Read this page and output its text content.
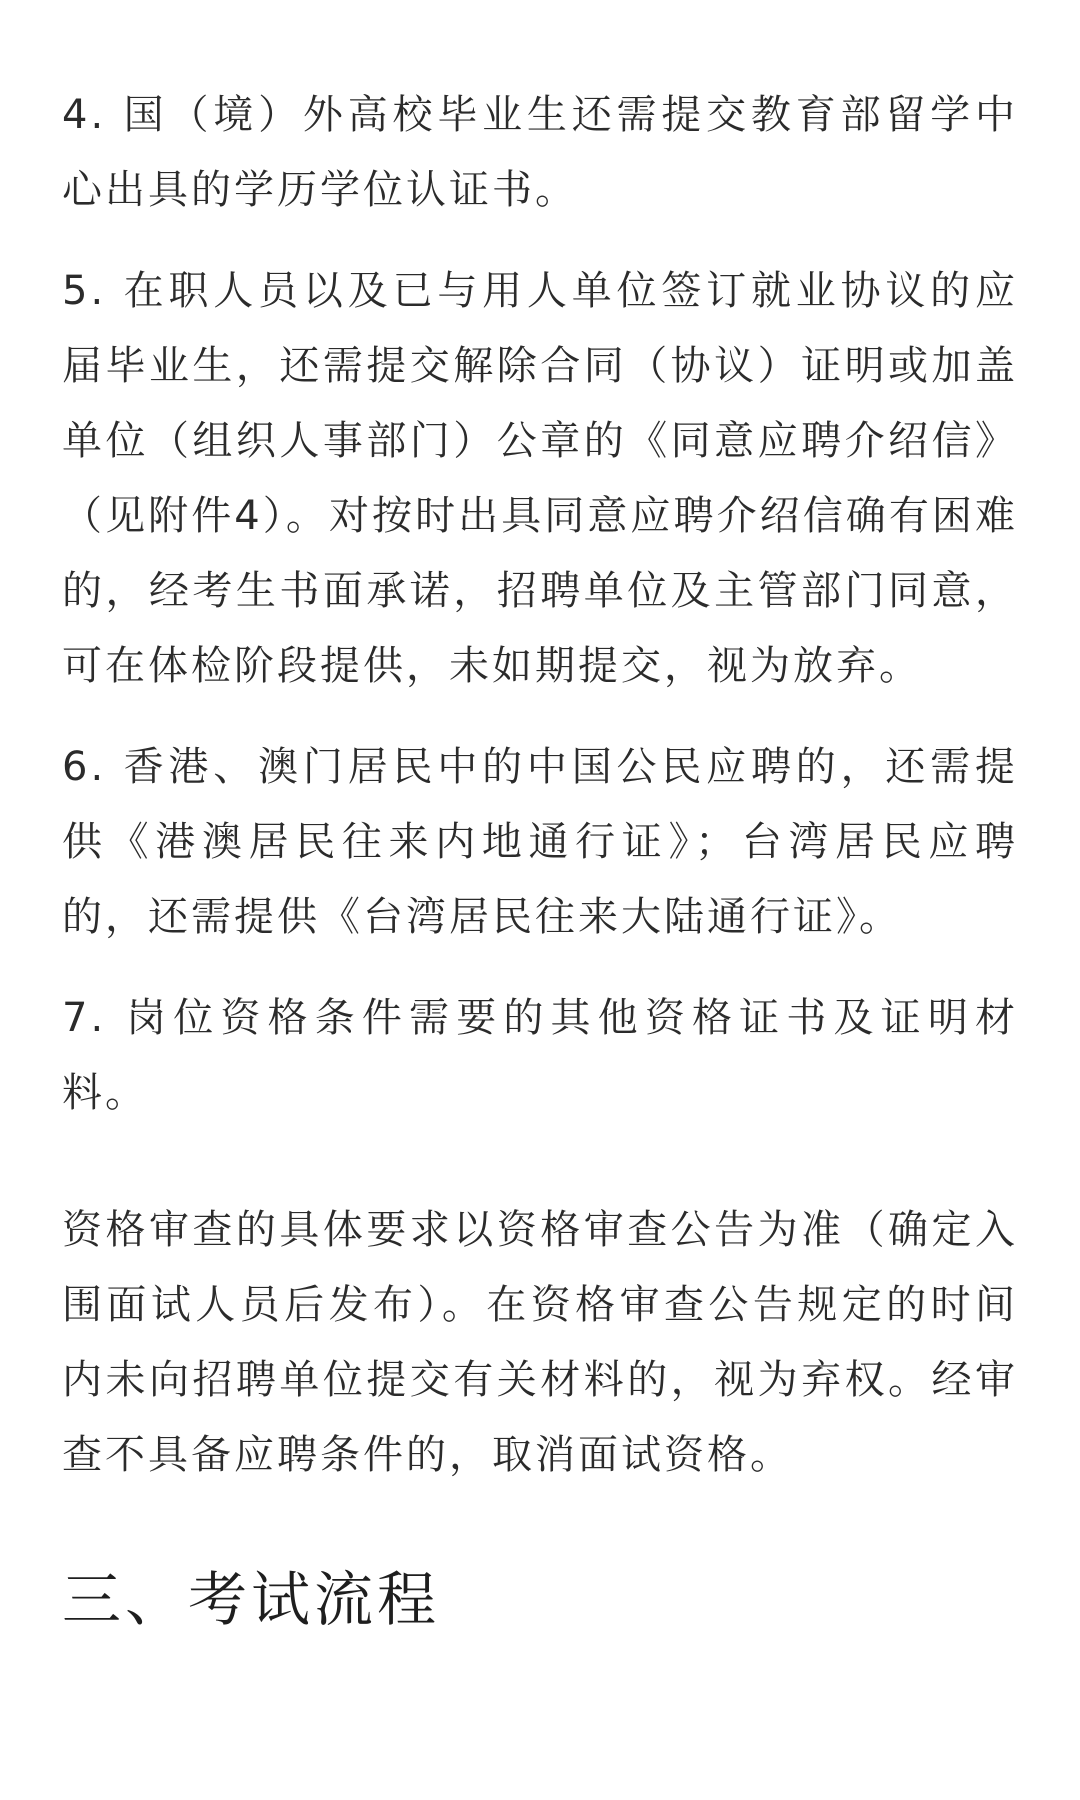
4. 国（境）外高校毕业生还需提交教育部留学中心出具的学历学位认证书。

5. 在职人员以及已与用人单位签订就业协议的应届毕业生，还需提交解除合同（协议）证明或加盖单位（组织人事部门）公章的《同意应聘介绍信》（见附件4）。对按时出具同意应聘介绍信确有困难的，经考生书面承诺，招聘单位及主管部门同意，可在体检阶段提供，未如期提交，视为放弃。

6. 香港、澳门居民中的中国公民应聘的，还需提供《港澳居民往来内地通行证》；台湾居民应聘的，还需提供《台湾居民往来大陆通行证》。

7. 岗位资格条件需要的其他资格证书及证明材料。

资格审查的具体要求以资格审查公告为准（确定入围面试人员后发布）。在资格审查公告规定的时间内未向招聘单位提交有关材料的，视为弃权。经审查不具备应聘条件的，取消面试资格。

三、考试流程
